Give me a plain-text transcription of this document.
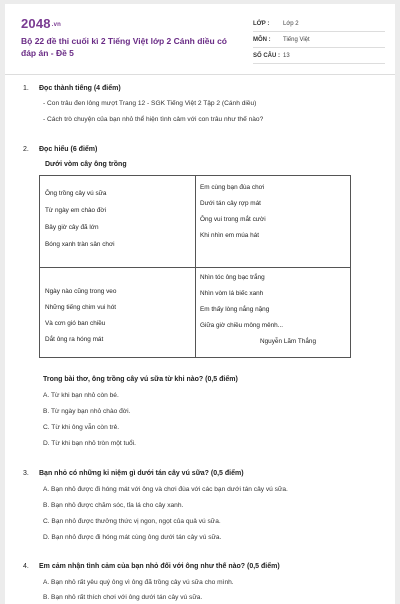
$2048^{.vn}$
Bộ 22 đề thi cuối kì 2 Tiếng Việt lớp 2 Cánh diều có đáp án - Đề 5
LỚP :	Lớp 2
MÔN :	Tiếng Việt
SỐ CÂU : 13
1.	Đọc thành tiếng (4 điểm)
- Con trâu đen lông mượt Trang 12 - SGK Tiếng Việt 2 Tập 2 (Cánh diều)
- Cách trò chuyện của bạn nhỏ thể hiện tình cảm với con trâu như thế nào?
2.	Đọc hiểu (6 điểm)
Dưới vòm cây ông trồng
Ông trồng cây vú sữa
Từ ngày em chào đời
Bây giờ cây đã lớn
Bóng xanh tràn sân chơi
Em cùng bạn đùa chơi
Dưới tán cây rợp mát
Ông vui trong mắt cười
Khi nhìn em múa hát
Ngày nào cũng trong veo
Những tiếng chim vui hót
Và cơn gió ban chiều
Dắt ông ra hóng mát
Nhìn tóc ông bạc trắng
Nhìn vòm lá biếc xanh
Em thấy lòng nắng nặng
Giữa giờ chiều mông mênh...
Nguyễn Lãm Thắng
Trong bài thơ, ông trồng cây vú sữa từ khi nào? (0,5 điểm)
A. Từ khi bạn nhỏ còn bé.
B. Từ ngày bạn nhỏ chào đời.
C. Từ khi ông vẫn còn trẻ.
D. Từ khi bạn nhỏ tròn một tuổi.
3.	Bạn nhỏ có những kỉ niệm gì dưới tán cây vú sữa? (0,5 điểm)
A. Bạn nhỏ được đi hóng mát với ông và chơi đùa với các bạn dưới tán cây vú sữa.
B. Bạn nhỏ được chăm sóc, tỉa lá cho cây xanh.
C. Bạn nhỏ được thưởng thức vị ngon, ngọt của quả vú sữa.
D. Bạn nhỏ được đi hóng mát cùng ông dưới tán cây vú sữa.
4.	Em cảm nhận tình cảm của bạn nhỏ đối với ông như thế nào? (0,5 điểm)
A. Bạn nhỏ rất yêu quý ông vì ông đã trồng cây vú sữa cho mình.
B. Bạn nhỏ rất thích chơi với ông dưới tán cây vú sữa.
